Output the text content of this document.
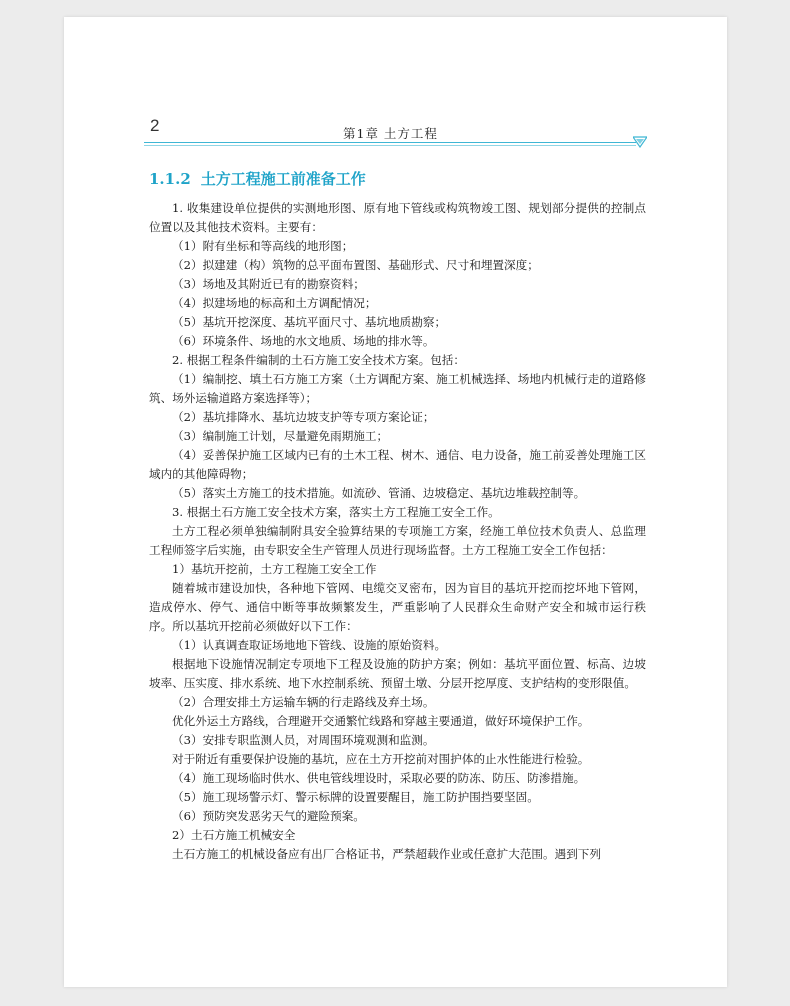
2	第1章 土方工程
1.1.2 土方工程施工前准备工作

1. 收集建设单位提供的实测地形图、原有地下管线或构筑物竣工图、规划部分提供的控制点位置以及其他技术资料。主要有：

（1）附有坐标和等高线的地形图；

（2）拟建建（构）筑物的总平面布置图、基础形式、尺寸和埋置深度；

（3）场地及其附近已有的勘察资料；

（4）拟建场地的标高和土方调配情况；

（5）基坑开挖深度、基坑平面尺寸、基坑地质勘察；

（6）环境条件、场地的水文地质、场地的排水等。

2. 根据工程条件编制的土石方施工安全技术方案。包括：

（1）编制挖、填土石方施工方案（土方调配方案、施工机械选择、场地内机械行走的道路修筑、场外运输道路方案选择等）；

（2）基坑排降水、基坑边坡支护等专项方案论证；

（3）编制施工计划，尽量避免雨期施工；

（4）妥善保护施工区域内已有的土木工程、树木、通信、电力设备，施工前妥善处理施工区域内的其他障碍物；

（5）落实土方施工的技术措施。如流砂、管涌、边坡稳定、基坑边堆载控制等。

3. 根据土石方施工安全技术方案，落实土方工程施工安全工作。

土方工程必须单独编制附具安全验算结果的专项施工方案，经施工单位技术负责人、总监理工程师签字后实施，由专职安全生产管理人员进行现场监督。土方工程施工安全工作包括：

1）基坑开挖前，土方工程施工安全工作

随着城市建设加快，各种地下管网、电缆交叉密布，因为盲目的基坑开挖而挖坏地下管网，造成停水、停气、通信中断等事故频繁发生，严重影响了人民群众生命财产安全和城市运行秩序。所以基坑开挖前必须做好以下工作：

（1）认真调查取证场地地下管线、设施的原始资料。

根据地下设施情况制定专项地下工程及设施的防护方案；例如：基坑平面位置、标高、边坡坡率、压实度、排水系统、地下水控制系统、预留土墩、分层开挖厚度、支护结构的变形限值。

（2）合理安排土方运输车辆的行走路线及弃土场。

优化外运土方路线，合理避开交通繁忙线路和穿越主要通道，做好环境保护工作。

（3）安排专职监测人员，对周围环境观测和监测。

对于附近有重要保护设施的基坑，应在土方开挖前对围护体的止水性能进行检验。

（4）施工现场临时供水、供电管线埋设时，采取必要的防冻、防压、防渗措施。

（5）施工现场警示灯、警示标牌的设置要醒目，施工防护围挡要坚固。

（6）预防突发恶劣天气的避险预案。

2）土石方施工机械安全

土石方施工的机械设备应有出厂合格证书，严禁超载作业或任意扩大范围。遇到下列
